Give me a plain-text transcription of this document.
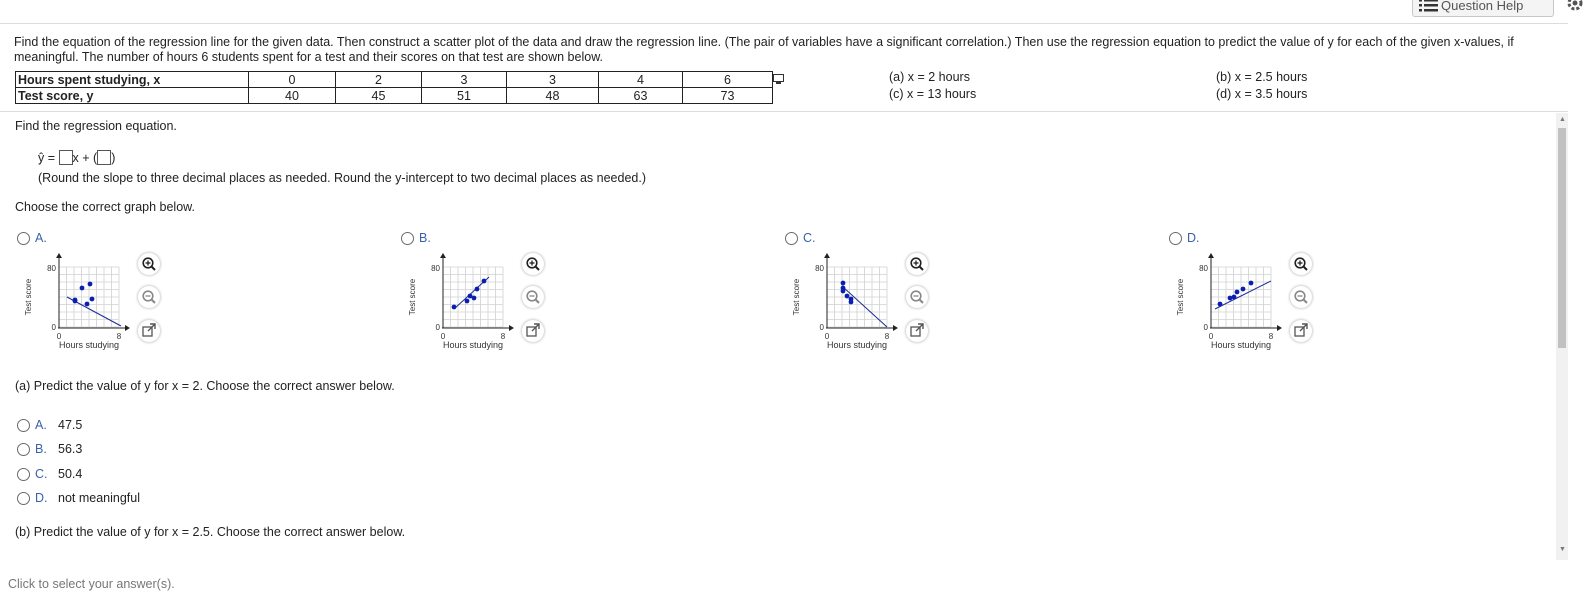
Question Help
Find the equation of the regression line for the given data. Then construct a scatter plot of the data and draw the regression line. (The pair of variables have a significant correlation.) Then use the regression equation to predict the value of y for each of the given x-values, if meaningful. The number of hours 6 students spent for a test and their scores on that test are shown below.
Hours spent studying, x	0	2	3	3	4	6
Test score, y	40	45	51	48	63	73
(a) x = 2 hours
(c) x = 13 hours
(b) x = 2.5 hours
(d) x = 3.5 hours
Find the regression equation.
ŷ = x + ( )
(Round the slope to three decimal places as needed. Round the y-intercept to two decimal places as needed.)
Choose the correct graph below.
A.
80
0
0	8
Hours studying
Test score
B.
80
0
0	8
Hours studying
Test score
C.
80
0
0	8
Hours studying
Test score
D.
80
0
0	8
Hours studying
Test score
(a) Predict the value of y for x = 2. Choose the correct answer below.
A. 47.5
B. 56.3
C. 50.4
D. not meaningful
(b) Predict the value of y for x = 2.5. Choose the correct answer below.
Click to select your answer(s).
▲
▼
